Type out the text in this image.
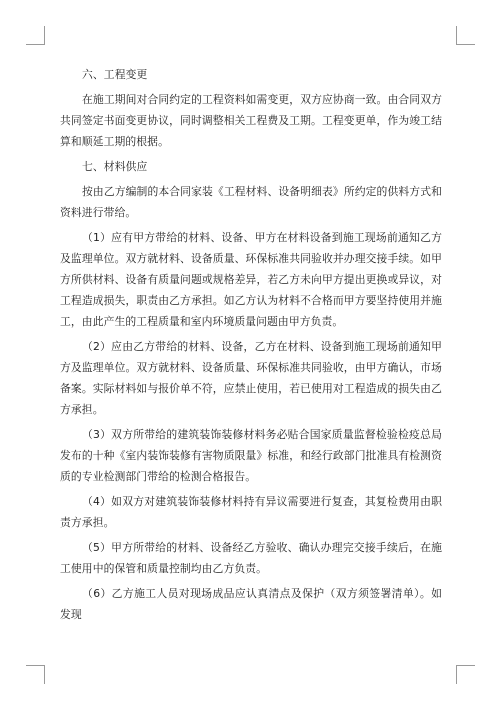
六、工程变更

在施工期间对合同约定的工程资料如需变更，双方应协商一致。由合同双方共同签定书面变更协议，同时调整相关工程费及工期。工程变更单，作为竣工结算和顺延工期的根据。

七、材料供应

按由乙方编制的本合同家装《工程材料、设备明细表》所约定的供料方式和资料进行带给。

（1）应有甲方带给的材料、设备、甲方在材料设备到施工现场前通知乙方及监理单位。双方就材料、设备质量、环保标准共同验收并办理交接手续。如甲方所供材料、设备有质量问题或规格差异，若乙方未向甲方提出更换或异议，对工程造成损失，职责由乙方承担。如乙方认为材料不合格而甲方要坚持使用并施工，由此产生的工程质量和室内环境质量问题由甲方负责。

（2）应由乙方带给的材料、设备，乙方在材料、设备到施工现场前通知甲方及监理单位。双方就材料、设备质量、环保标准共同验收，由甲方确认，市场备案。实际材料如与报价单不符，应禁止使用，若已使用对工程造成的损失由乙方承担。

（3）双方所带给的建筑装饰装修材料务必贴合国家质量监督检验检疫总局发布的十种《室内装饰装修有害物质限量》标准，和经行政部门批准具有检测资质的专业检测部门带给的检测合格报告。

（4）如双方对建筑装饰装修材料持有异议需要进行复查，其复检费用由职责方承担。

（5）甲方所带给的材料、设备经乙方验收、确认办理完交接手续后，在施工使用中的保管和质量控制均由乙方负责。

（6）乙方施工人员对现场成品应认真清点及保护（双方须签署清单）。如发现
